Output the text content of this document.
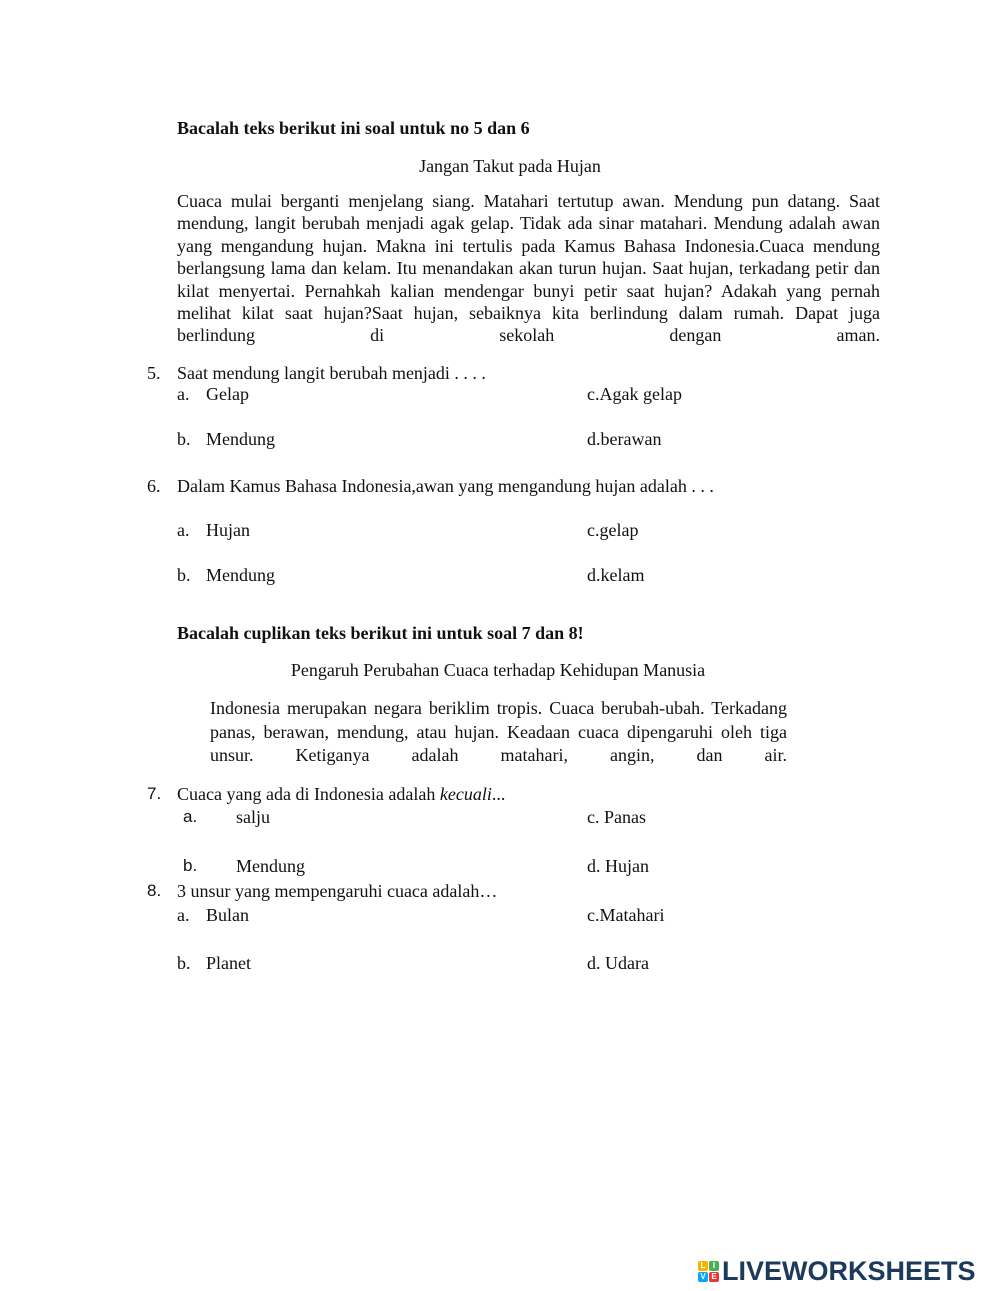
Bacalah teks berikut ini soal untuk no 5 dan 6
Jangan Takut pada Hujan
Cuaca mulai berganti menjelang siang. Matahari tertutup awan. Mendung pun datang. Saat mendung, langit berubah menjadi agak gelap. Tidak ada sinar matahari. Mendung adalah awan yang mengandung hujan. Makna ini tertulis pada Kamus Bahasa Indonesia.Cuaca mendung berlangsung lama dan kelam. Itu menandakan akan turun hujan. Saat hujan, terkadang petir dan kilat menyertai. Pernahkah kalian mendengar bunyi petir saat hujan? Adakah yang pernah melihat kilat saat hujan?Saat hujan, sebaiknya kita berlindung dalam rumah. Dapat juga berlindung di sekolah dengan aman.
5. Saat mendung langit berubah menjadi . . . .
a. Gelap	c.Agak gelap
b. Mendung	d.berawan
6. Dalam Kamus Bahasa Indonesia,awan yang mengandung hujan adalah . . .
a. Hujan	c.gelap
b. Mendung	d.kelam
Bacalah cuplikan teks berikut ini untuk soal 7 dan 8!
Pengaruh Perubahan Cuaca terhadap Kehidupan Manusia
Indonesia merupakan negara beriklim tropis. Cuaca berubah-ubah. Terkadang panas, berawan, mendung, atau hujan. Keadaan cuaca dipengaruhi oleh tiga unsur. Ketiganya adalah matahari, angin, dan air.
7. Cuaca yang ada di Indonesia adalah kecuali...
a. salju	c. Panas
b. Mendung	d. Hujan
8. 3 unsur yang mempengaruhi cuaca adalah…
a. Bulan	c.Matahari
b. Planet	d. Udara
L I
V E LIVEWORKSHEETS
